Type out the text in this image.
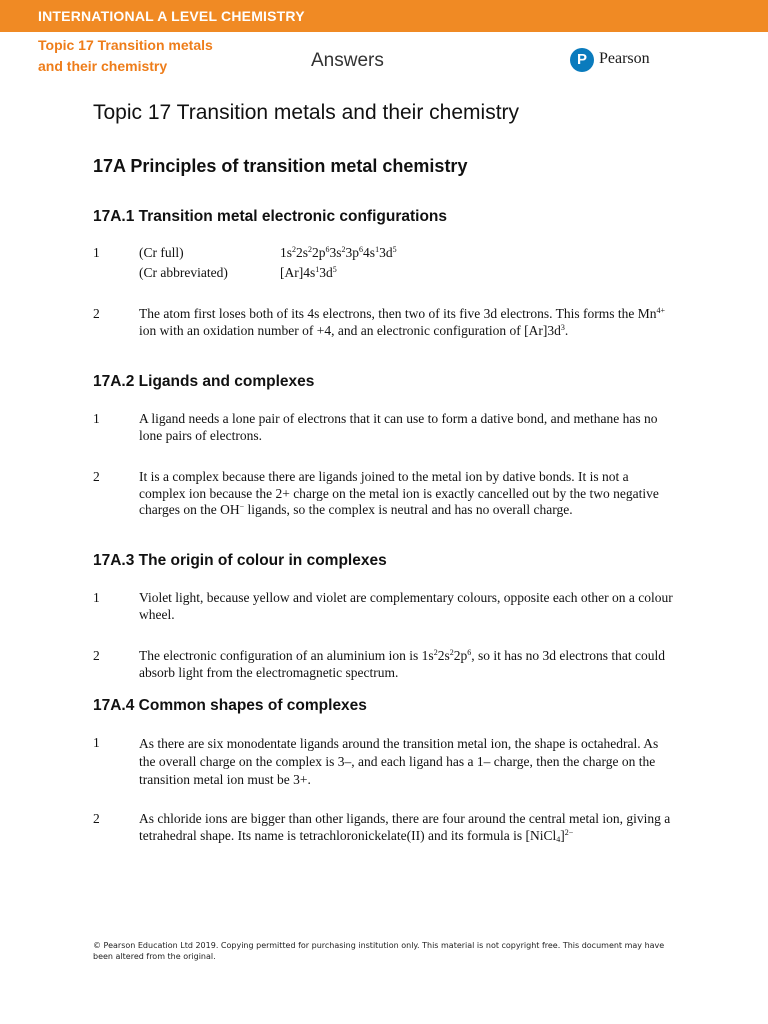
INTERNATIONAL A LEVEL CHEMISTRY
Topic 17 Transition metals
and their chemistry	Answers	P Pearson
Topic 17 Transition metals and their chemistry
17A Principles of transition metal chemistry
17A.1 Transition metal electronic configurations
1	(Cr full)	$1s^22s^22p^63s^23p^64s^13d^5$
(Cr abbreviated)	$[Ar]4s^13d^5$
2	The atom first loses both of its 4s electrons, then two of its five 3d electrons. This forms the $Mn^{4+}$ ion with an oxidation number of +4, and an electronic configuration of $[Ar]3d^3$.
17A.2 Ligands and complexes
1	A ligand needs a lone pair of electrons that it can use to form a dative bond, and methane has no lone pairs of electrons.
2	It is a complex because there are ligands joined to the metal ion by dative bonds. It is not a complex ion because the 2+ charge on the metal ion is exactly cancelled out by the two negative charges on the OH− ligands, so the complex is neutral and has no overall charge.
17A.3 The origin of colour in complexes
1	Violet light, because yellow and violet are complementary colours, opposite each other on a colour wheel.
2	The electronic configuration of an aluminium ion is $1s^22s^22p^6$, so it has no 3d electrons that could absorb light from the electromagnetic spectrum.
17A.4 Common shapes of complexes
1	As there are six monodentate ligands around the transition metal ion, the shape is octahedral. As the overall charge on the complex is 3–, and each ligand has a 1– charge, then the charge on the transition metal ion must be 3+.
2	As chloride ions are bigger than other ligands, there are four around the central metal ion, giving a tetrahedral shape. Its name is tetrachloronickelate(II) and its formula is [NiCl$_4$]$^{2-}$
© Pearson Education Ltd 2019. Copying permitted for purchasing institution only. This material is not copyright free. This document may have been altered from the original.
